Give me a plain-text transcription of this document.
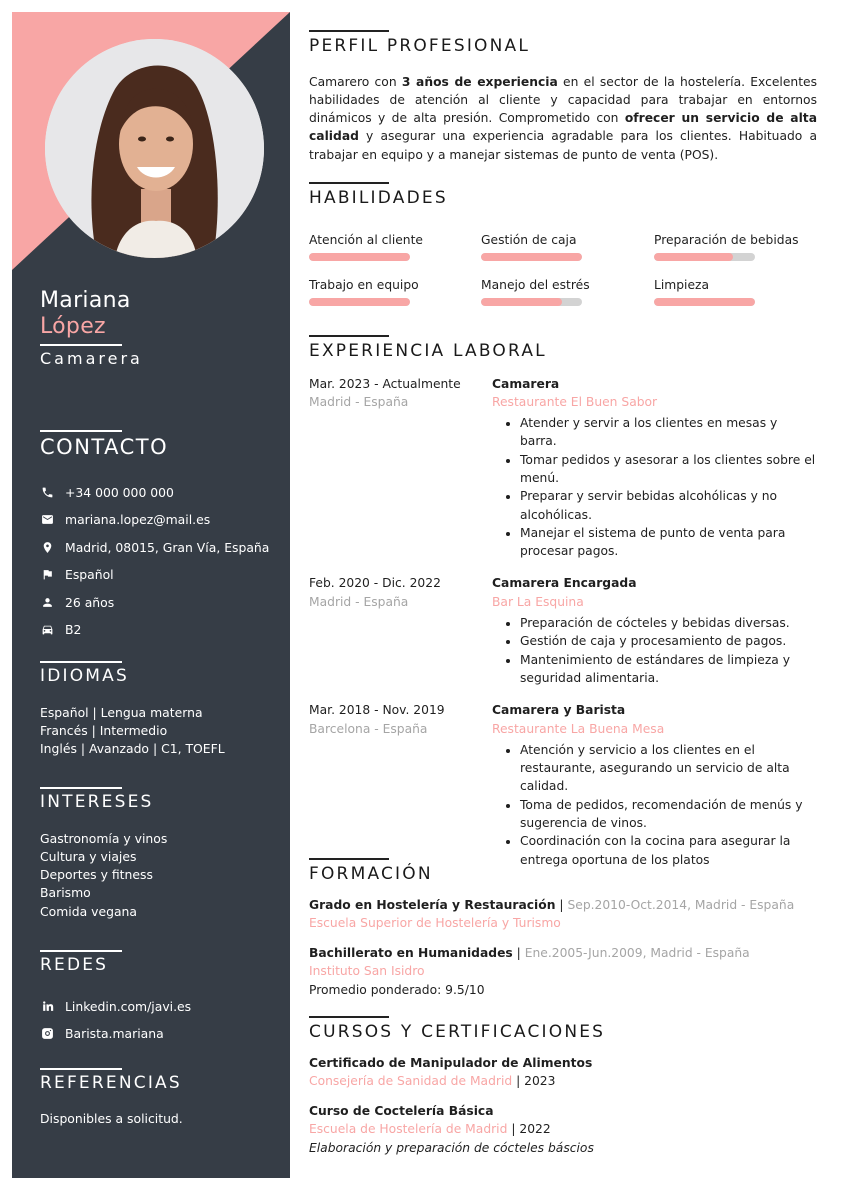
Mariana
López
Camarera
CONTACTO
+34 000 000 000
mariana.lopez@mail.es
Madrid, 08015, Gran Vía, España
Español
26 años
B2
IDIOMAS
Español | Lengua materna
Francés | Intermedio
Inglés | Avanzado | C1, TOEFL
INTERESES
Gastronomía y vinos
Cultura y viajes
Deportes y fitness
Barismo
Comida vegana
REDES
Linkedin.com/javi.es
Barista.mariana
REFERENCIAS
Disponibles a solicitud.
PERFIL PROFESIONAL

Camarero con 3 años de experiencia en el sector de la hostelería. Excelentes habilidades de atención al cliente y capacidad para trabajar en entornos dinámicos y de alta presión. Comprometido con ofrecer un servicio de alta calidad y asegurar una experiencia agradable para los clientes. Habituado a trabajar en equipo y a manejar sistemas de punto de venta (POS).

HABILIDADES
Atención al cliente	Gestión de caja	Preparación de bebidas
Trabajo en equipo	Manejo del estrés	Limpieza
EXPERIENCIA LABORAL
Mar. 2023 - Actualmente
Madrid - España
Camarera
Restaurante El Buen Sabor
• Atender y servir a los clientes en mesas y barra.
• Tomar pedidos y asesorar a los clientes sobre el menú.
• Preparar y servir bebidas alcohólicas y no alcohólicas.
• Manejar el sistema de punto de venta para procesar pagos.
Feb. 2020 - Dic. 2022
Madrid - España
Camarera Encargada
Bar La Esquina
• Preparación de cócteles y bebidas diversas.
• Gestión de caja y procesamiento de pagos.
• Mantenimiento de estándares de limpieza y seguridad alimentaria.
Mar. 2018 - Nov. 2019
Barcelona - España
Camarera y Barista
Restaurante La Buena Mesa
• Atención y servicio a los clientes en el restaurante, asegurando un servicio de alta calidad.
• Toma de pedidos, recomendación de menús y sugerencia de vinos.
• Coordinación con la cocina para asegurar la entrega oportuna de los platos
FORMACIÓN
Grado en Hostelería y Restauración | Sep.2010-Oct.2014, Madrid - España
Escuela Superior de Hostelería y Turismo
Bachillerato en Humanidades | Ene.2005-Jun.2009, Madrid - España
Instituto San Isidro
Promedio ponderado: 9.5/10
CURSOS Y CERTIFICACIONES
Certificado de Manipulador de Alimentos
Consejería de Sanidad de Madrid | 2023
Curso de Coctelería Básica
Escuela de Hostelería de Madrid | 2022
Elaboración y preparación de cócteles báscios
